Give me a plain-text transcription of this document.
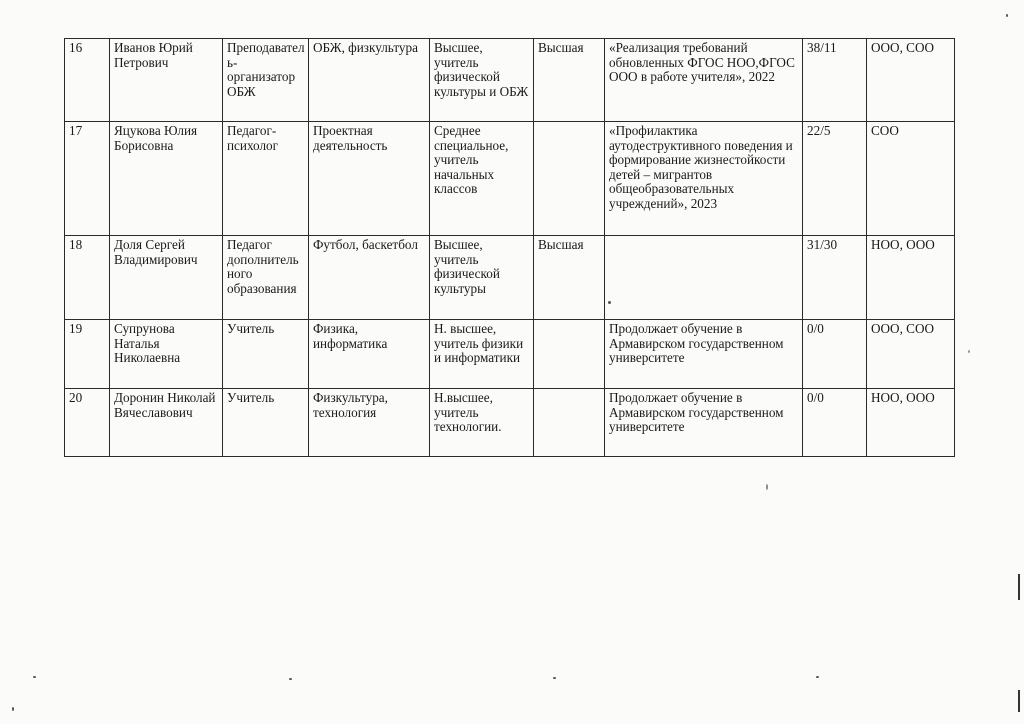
16	Иванов Юрий Петрович	Преподаватель-организатор ОБЖ	ОБЖ, физкультура	Высшее, учитель физической культуры и ОБЖ	Высшая	«Реализация требований обновленных ФГОС НОО,ФГОС ООО в работе учителя», 2022	38/11	ООО, СОО
17	Яцукова Юлия Борисовна	Педагог-психолог	Проектная деятельность	Среднее специальное, учитель начальных классов		«Профилактика аутодеструктивного поведения и формирование жизнестойкости детей – мигрантов общеобразовательных учреждений», 2023	22/5	СОО
18	Доля Сергей Владимирович	Педагог дополнительного образования	Футбол, баскетбол	Высшее, учитель физической культуры	Высшая		31/30	НОО, ООО
19	Супрунова Наталья Николаевна	Учитель	Физика, информатика	Н. высшее, учитель физики и информатики		Продолжает обучение в Армавирском государственном университете	0/0	ООО, СОО
20	Доронин Николай Вячеславович	Учитель	Физкультура, технология	Н.высшее, учитель технологии.		Продолжает обучение в Армавирском государственном университете	0/0	НОО, ООО
